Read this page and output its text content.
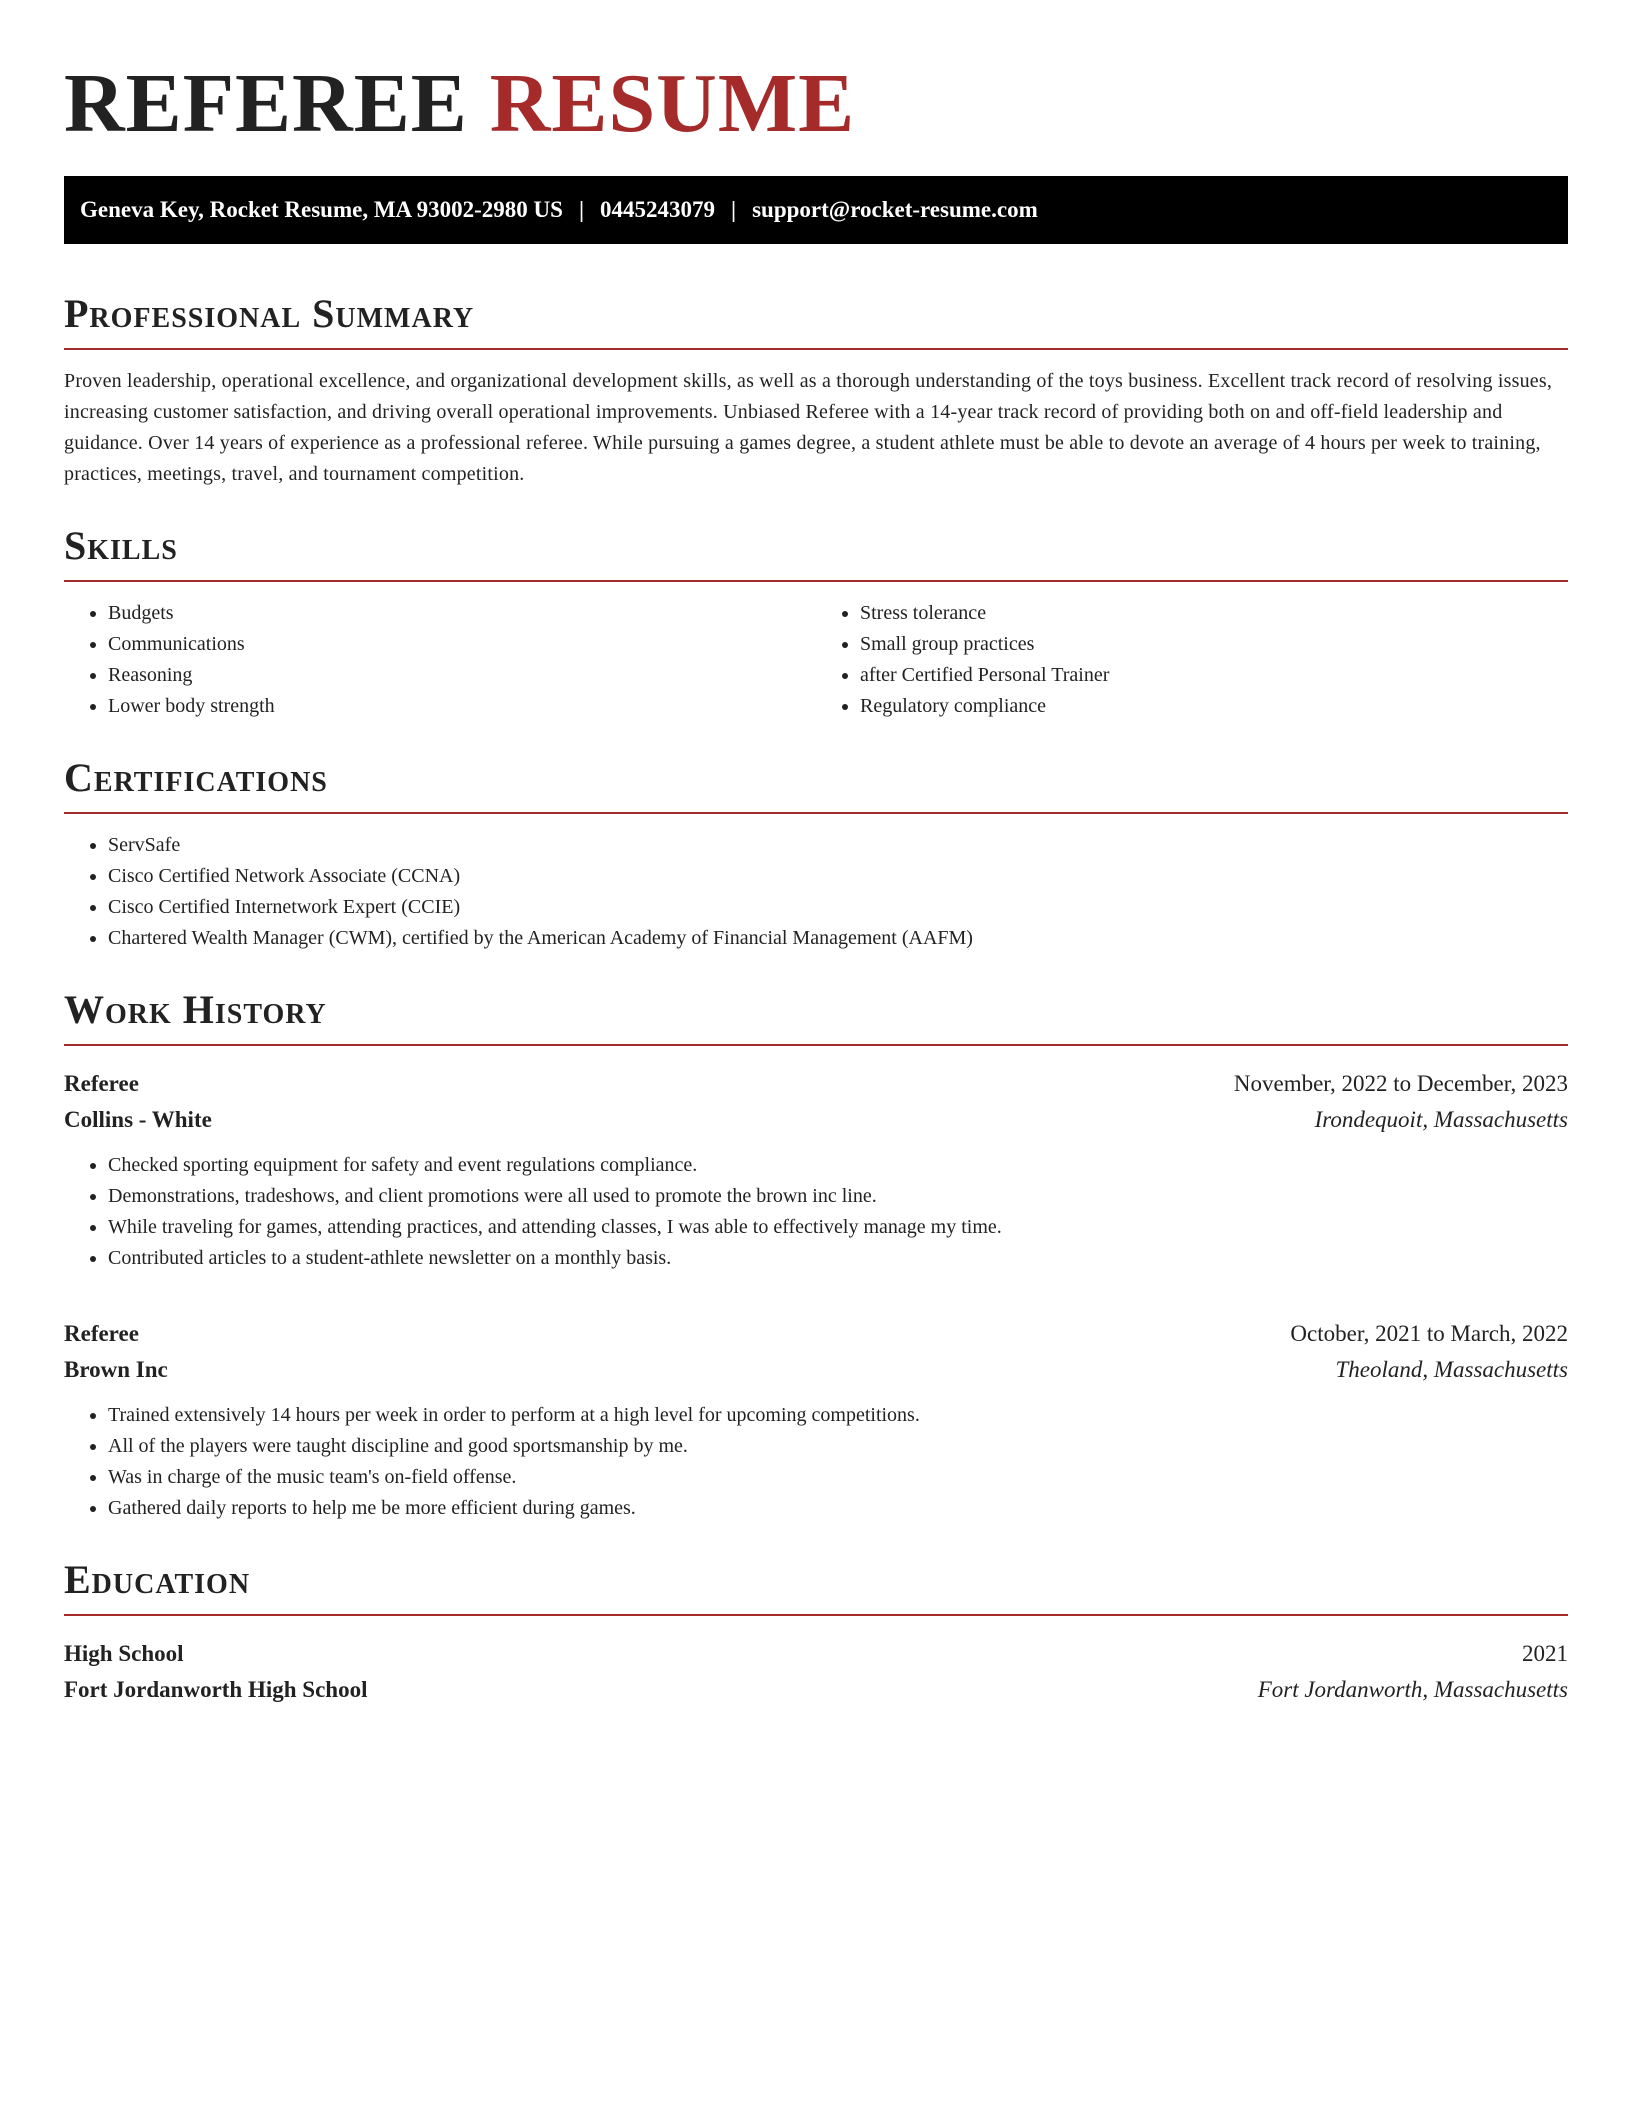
REFEREE RESUME
Geneva Key, Rocket Resume, MA 93002-2980 US | 0445243079 | support@rocket-resume.com
Professional Summary

Proven leadership, operational excellence, and organizational development skills, as well as a thorough understanding of the toys business. Excellent track record of resolving issues, increasing customer satisfaction, and driving overall operational improvements. Unbiased Referee with a 14-year track record of providing both on and off-field leadership and guidance. Over 14 years of experience as a professional referee. While pursuing a games degree, a student athlete must be able to devote an average of 4 hours per week to training, practices, meetings, travel, and tournament competition.

Skills
• Budgets
• Communications
• Reasoning
• Lower body strength
• Stress tolerance
• Small group practices
• after Certified Personal Trainer
• Regulatory compliance
Certifications
• ServSafe
• Cisco Certified Network Associate (CCNA)
• Cisco Certified Internetwork Expert (CCIE)
• Chartered Wealth Manager (CWM), certified by the American Academy of Financial Management (AAFM)
Work History
Referee	November, 2022 to December, 2023
Collins - White	Irondequoit, Massachusetts
• Checked sporting equipment for safety and event regulations compliance.
• Demonstrations, tradeshows, and client promotions were all used to promote the brown inc line.
• While traveling for games, attending practices, and attending classes, I was able to effectively manage my time.
• Contributed articles to a student-athlete newsletter on a monthly basis.
Referee	October, 2021 to March, 2022
Brown Inc	Theoland, Massachusetts
• Trained extensively 14 hours per week in order to perform at a high level for upcoming competitions.
• All of the players were taught discipline and good sportsmanship by me.
• Was in charge of the music team's on-field offense.
• Gathered daily reports to help me be more efficient during games.
Education
High School	2021
Fort Jordanworth High School	Fort Jordanworth, Massachusetts
